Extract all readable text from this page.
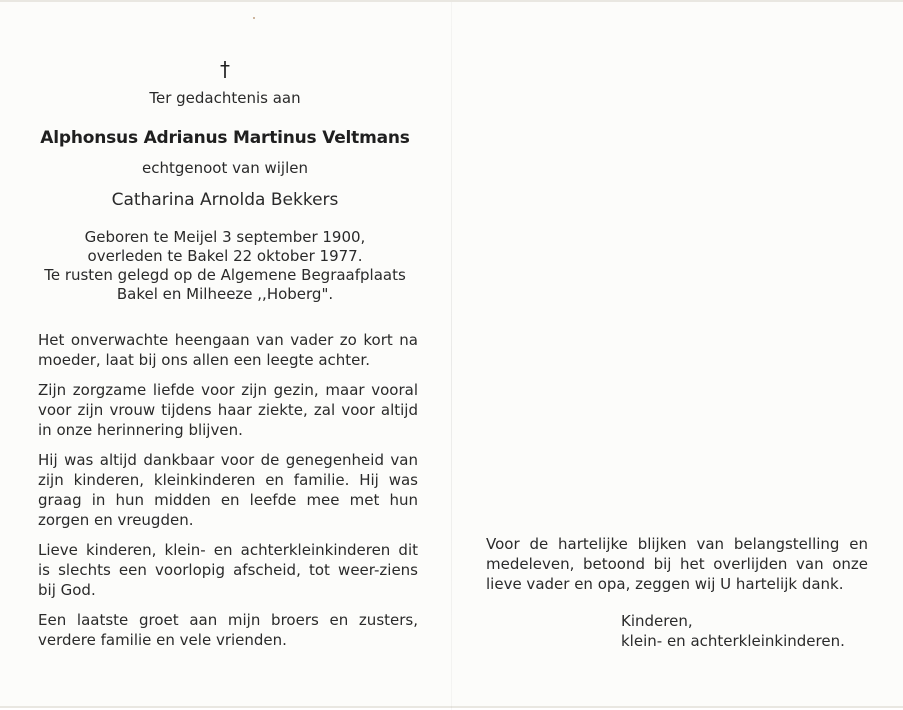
†
Ter gedachtenis aan
Alphonsus Adrianus Martinus Veltmans
echtgenoot van wijlen
Catharina Arnolda Bekkers
Geboren te Meijel 3 september 1900,
overleden te Bakel 22 oktober 1977.
Te rusten gelegd op de Algemene Begraafplaats
Bakel en Milheeze ,,Hoberg".

Het onverwachte heengaan van vader zo kort na moeder, laat bij ons allen een leegte achter.

Zijn zorgzame liefde voor zijn gezin, maar vooral voor zijn vrouw tijdens haar ziekte, zal voor altijd in onze herinnering blijven.

Hij was altijd dankbaar voor de genegenheid van zijn kinderen, kleinkinderen en familie. Hij was graag in hun midden en leefde mee met hun zorgen en vreugden.

Lieve kinderen, klein- en achterkleinkinderen dit is slechts een voorlopig afscheid, tot weer-ziens bij God.

Een laatste groet aan mijn broers en zusters, verdere familie en vele vrienden.

Voor de hartelijke blijken van belangstelling en medeleven, betoond bij het overlijden van onze lieve vader en opa, zeggen wij U hartelijk dank.
Kinderen,
klein- en achterkleinkinderen.
